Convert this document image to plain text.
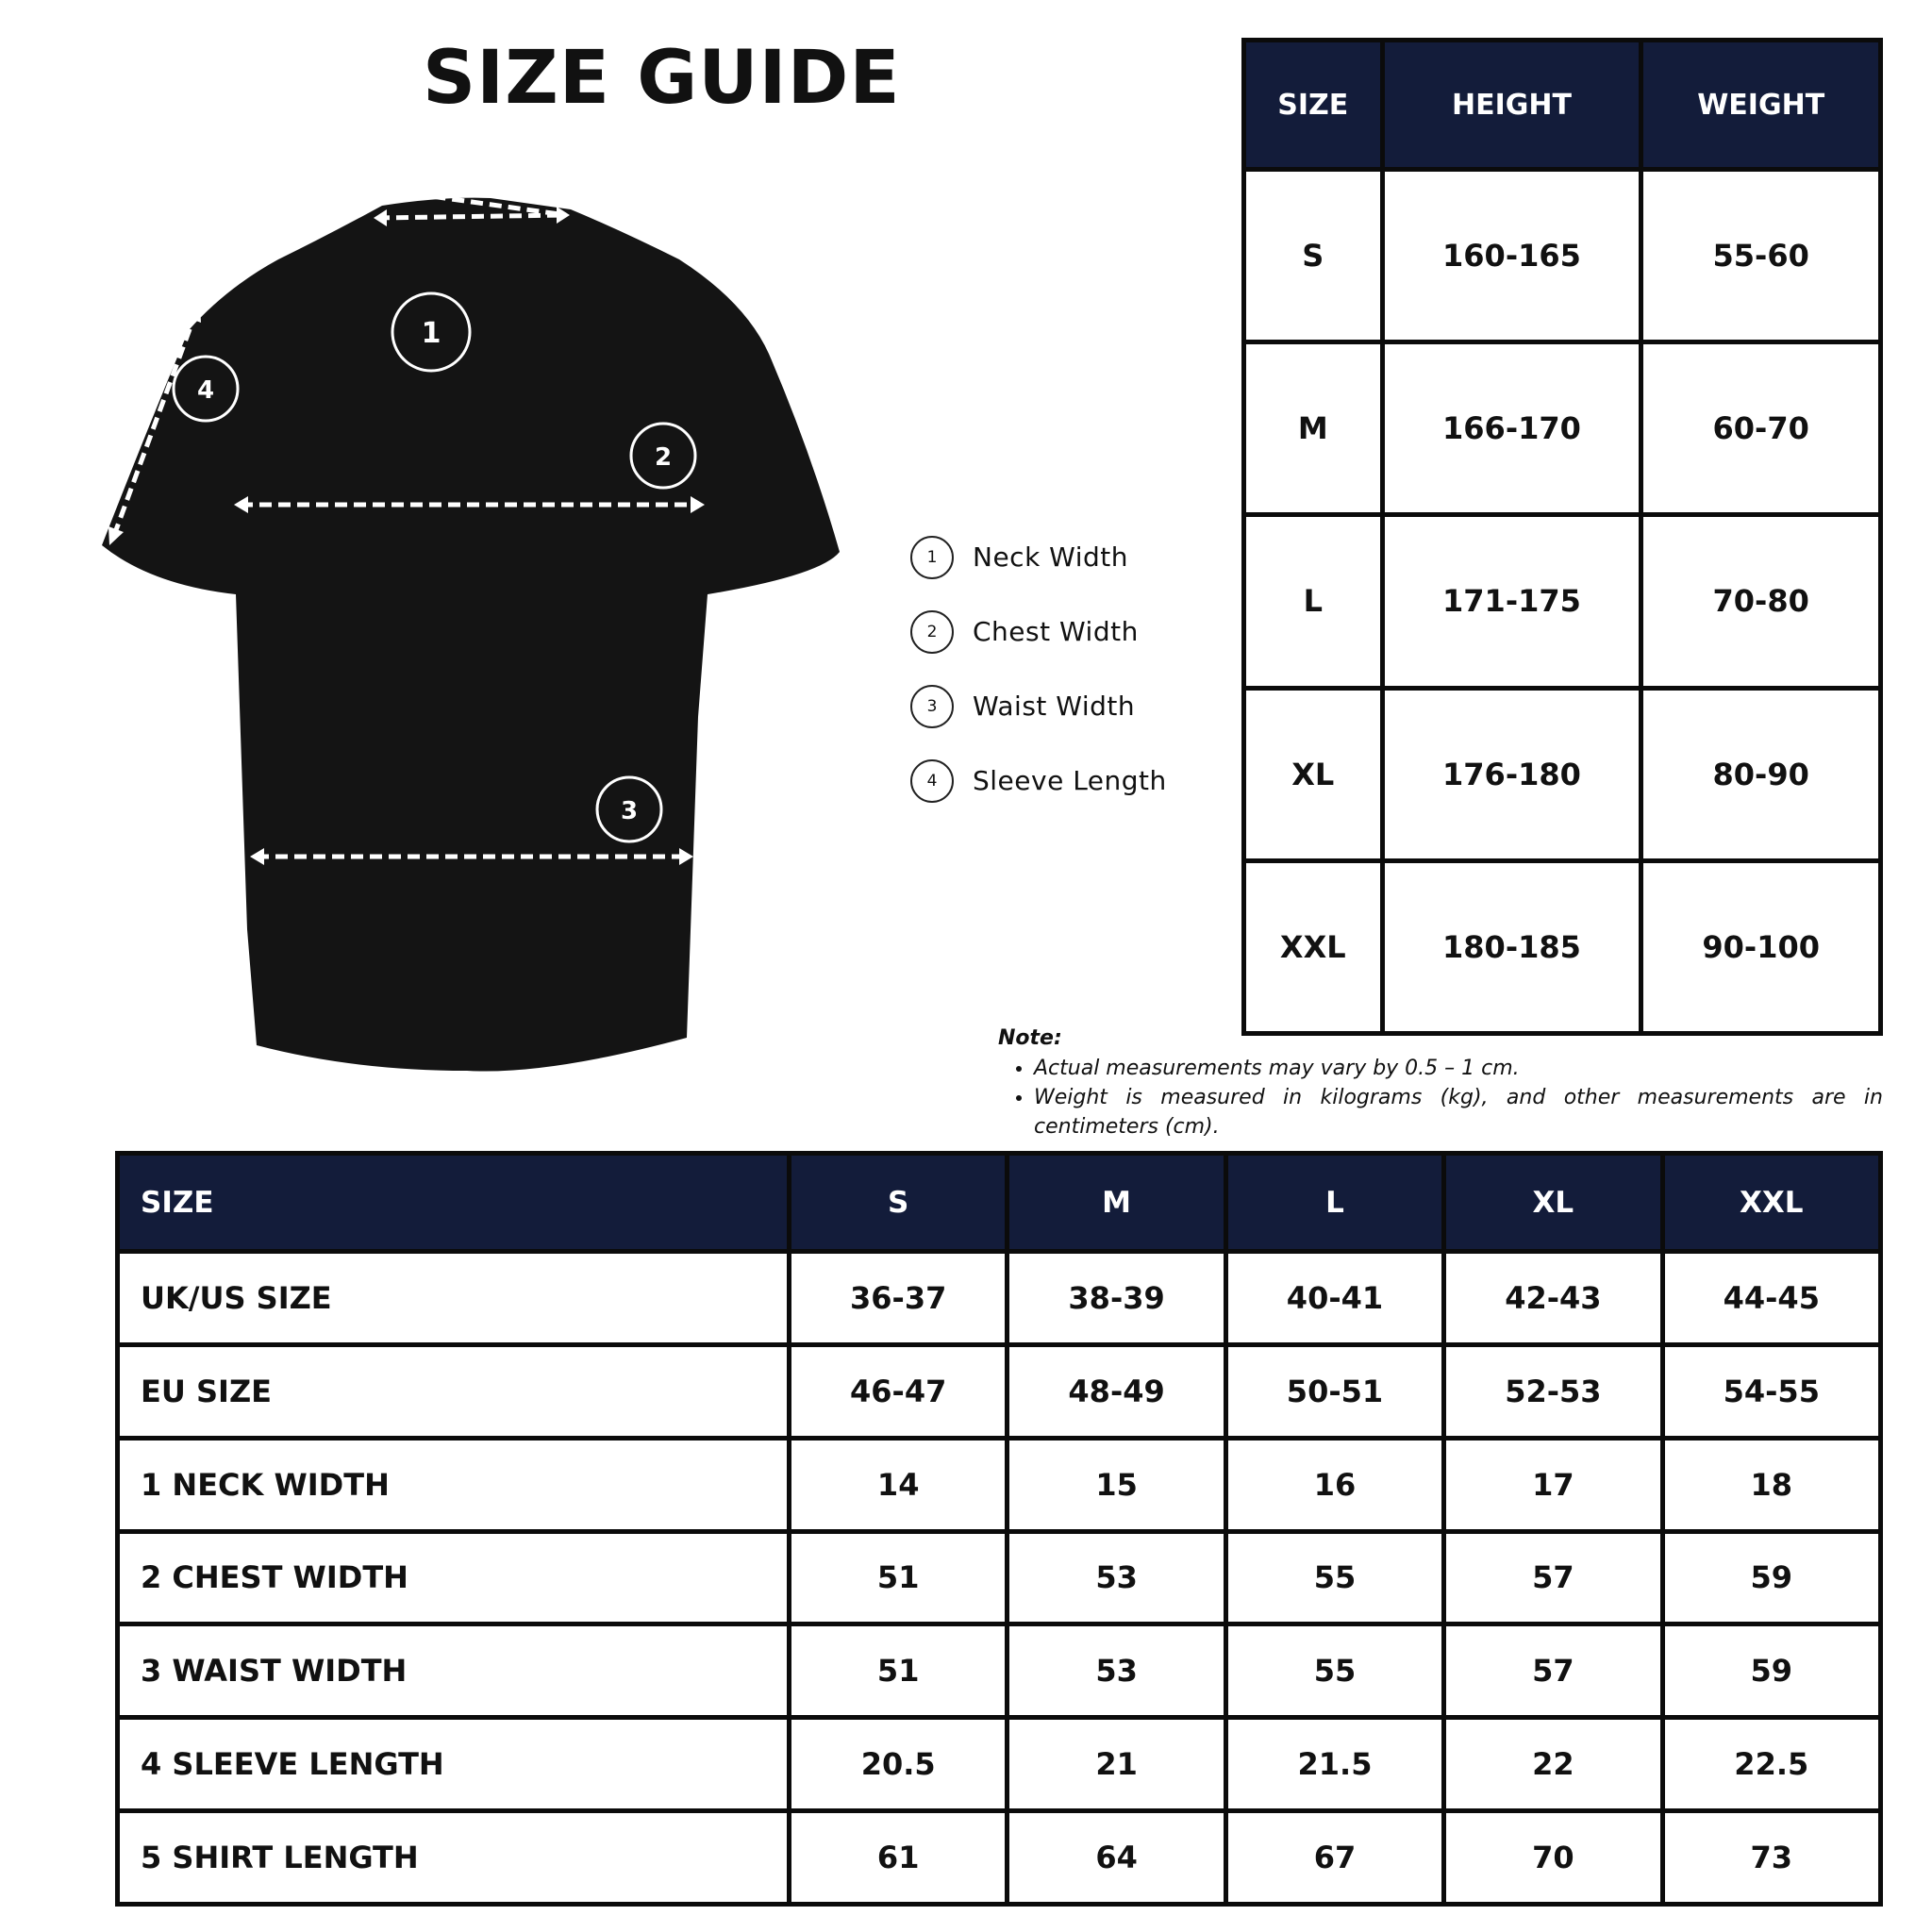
SIZE GUIDE
1
2
3
4
1	Neck Width
2	Chest Width
3	Waist Width
4	Sleeve Length
SIZE	HEIGHT	WEIGHT
S	160-165	55-60
M	166-170	60-70
L	171-175	70-80
XL	176-180	80-90
XXL	180-185	90-100
Note:
• Actual measurements may vary by 0.5 – 1 cm.
• Weight is measured in kilograms (kg), and other measurements are in centimeters (cm).
SIZE	S	M	L	XL	XXL
UK/US SIZE	36-37	38-39	40-41	42-43	44-45
EU SIZE	46-47	48-49	50-51	52-53	54-55
1 NECK WIDTH	14	15	16	17	18
2 CHEST WIDTH	51	53	55	57	59
3 WAIST WIDTH	51	53	55	57	59
4 SLEEVE LENGTH	20.5	21	21.5	22	22.5
5 SHIRT LENGTH	61	64	67	70	73
